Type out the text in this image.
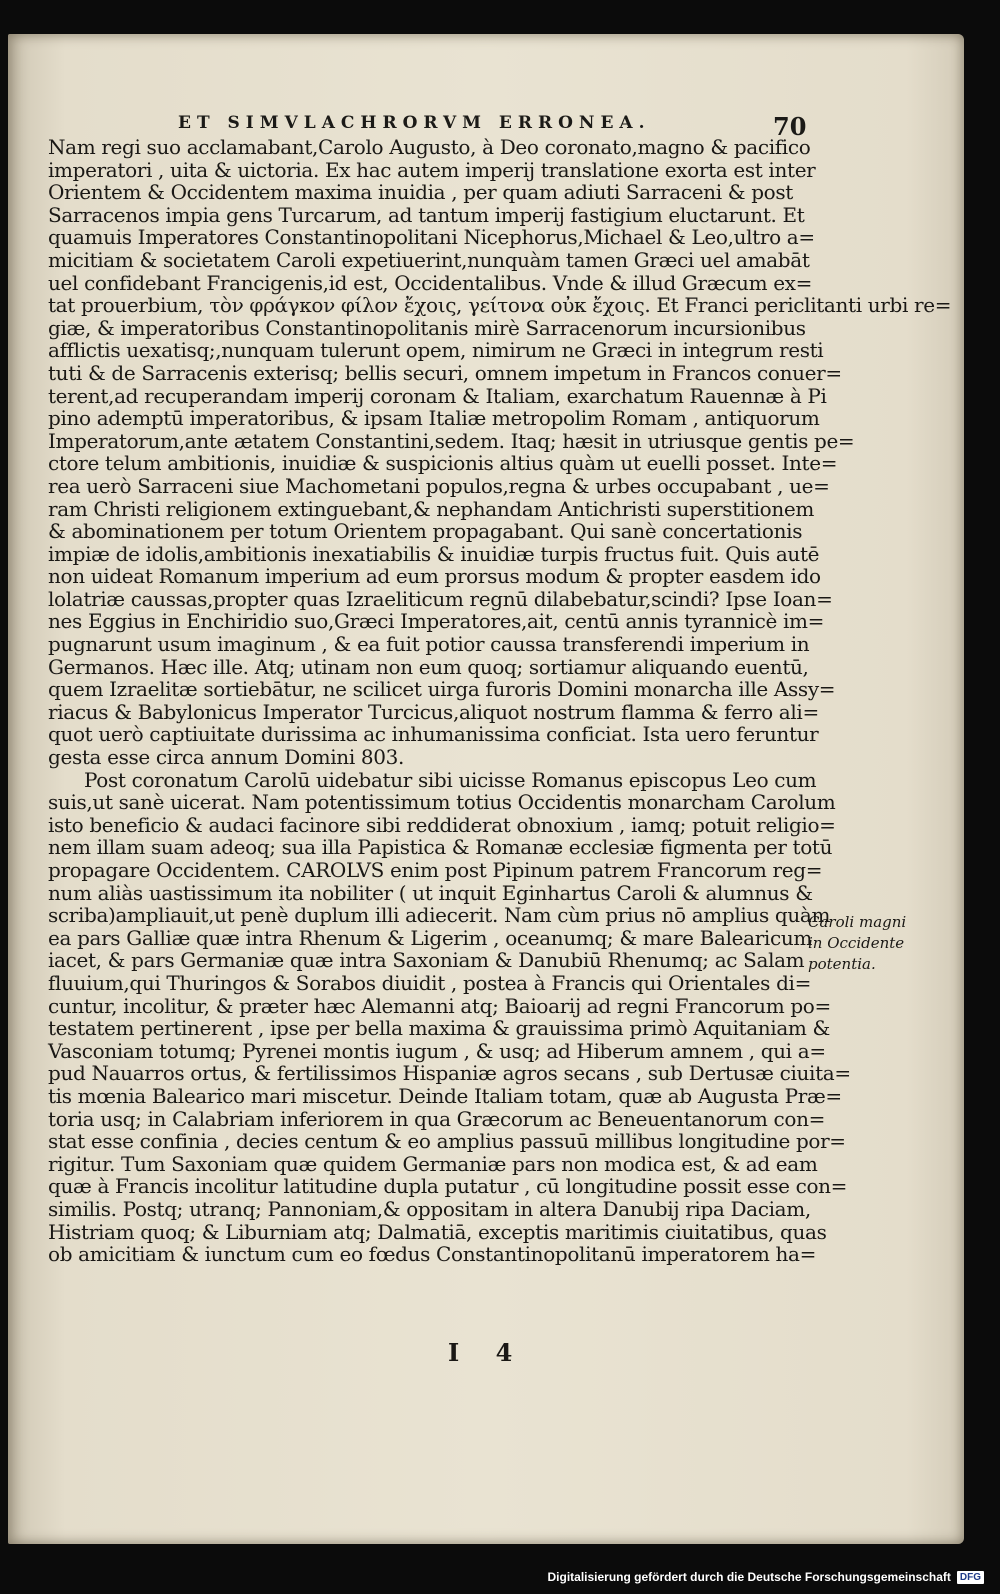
ET SIMVLACHRORVM ERRONEA.	70
Nam regi suo acclamabant,Carolo Augusto, à Deo coronato,magno & pacifico
imperatori , uita & uictoria. Ex hac autem imperij translatione exorta est inter
Orientem & Occidentem maxima inuidia , per quam adiuti Sarraceni & post
Sarracenos impia gens Turcarum, ad tantum imperij fastigium eluctarunt. Et
quamuis Imperatores Constantinopolitani Nicephorus,Michael & Leo,ultro a=
micitiam & societatem Caroli expetiuerint,nunquàm tamen Græci uel amabāt
uel confidebant Francigenis,id est, Occidentalibus. Vnde & illud Græcum ex=
tat prouerbium, τὸν φράγκον φίλον ἔχοις, γείτονα οὐκ ἔχοις. Et Franci periclitanti urbi re=
giæ, & imperatoribus Constantinopolitanis mirè Sarracenorum incursionibus
afflictis uexatisq;,nunquam tulerunt opem, nimirum ne Græci in integrum resti
tuti & de Sarracenis exterisq; bellis securi, omnem impetum in Francos conuer=
terent,ad recuperandam imperij coronam & Italiam, exarchatum Rauennæ à Pi
pino ademptū imperatoribus, & ipsam Italiæ metropolim Romam , antiquorum
Imperatorum,ante ætatem Constantini,sedem. Itaq; hæsit in utriusque gentis pe=
ctore telum ambitionis, inuidiæ & suspicionis altius quàm ut euelli posset. Inte=
rea uerò Sarraceni siue Machometani populos,regna & urbes occupabant , ue=
ram Christi religionem extinguebant,& nephandam Antichristi superstitionem
& abominationem per totum Orientem propagabant. Qui sanè concertationis
impiæ de idolis,ambitionis inexatiabilis & inuidiæ turpis fructus fuit. Quis autē
non uideat Romanum imperium ad eum prorsus modum & propter easdem ido
lolatriæ caussas,propter quas Izraeliticum regnū dilabebatur,scindi? Ipse Ioan=
nes Eggius in Enchiridio suo,Græci Imperatores,ait, centū annis tyrannicè im=
pugnarunt usum imaginum , & ea fuit potior caussa transferendi imperium in
Germanos. Hæc ille. Atq; utinam non eum quoq; sortiamur aliquando euentū,
quem Izraelitæ sortiebātur, ne scilicet uirga furoris Domini monarcha ille Assy=
riacus & Babylonicus Imperator Turcicus,aliquot nostrum flamma & ferro ali=
quot uerò captiuitate durissima ac inhumanissima conficiat. Ista uero feruntur
gesta esse circa annum Domini 803.
Post coronatum Carolū uidebatur sibi uicisse Romanus episcopus Leo cum
suis,ut sanè uicerat. Nam potentissimum totius Occidentis monarcham Carolum
isto beneficio & audaci facinore sibi reddiderat obnoxium , iamq; potuit religio=
nem illam suam adeoq; sua illa Papistica & Romanæ ecclesiæ figmenta per totū
propagare Occidentem. CAROLVS enim post Pipinum patrem Francorum reg=
num aliàs uastissimum ita nobiliter ( ut inquit Eginhartus Caroli & alumnus &
scriba)ampliauit,ut penè duplum illi adiecerit. Nam cùm prius nō amplius quàm
ea pars Galliæ quæ intra Rhenum & Ligerim , oceanumq; & mare Balearicum
iacet, & pars Germaniæ quæ intra Saxoniam & Danubiū Rhenumq; ac Salam
fluuium,qui Thuringos & Sorabos diuidit , postea à Francis qui Orientales di=
cuntur, incolitur, & præter hæc Alemanni atq; Baioarij ad regni Francorum po=
testatem pertinerent , ipse per bella maxima & grauissima primò Aquitaniam &
Vasconiam totumq; Pyrenei montis iugum , & usq; ad Hiberum amnem , qui a=
pud Nauarros ortus, & fertilissimos Hispaniæ agros secans , sub Dertusæ ciuita=
tis mœnia Balearico mari miscetur. Deinde Italiam totam, quæ ab Augusta Præ=
toria usq; in Calabriam inferiorem in qua Græcorum ac Beneuentanorum con=
stat esse confinia , decies centum & eo amplius passuū millibus longitudine por=
rigitur. Tum Saxoniam quæ quidem Germaniæ pars non modica est, & ad eam
quæ à Francis incolitur latitudine dupla putatur , cū longitudine possit esse con=
similis. Postq; utranq; Pannoniam,& oppositam in altera Danubij ripa Daciam,
Histriam quoq; & Liburniam atq; Dalmatiā, exceptis maritimis ciuitatibus, quas
ob amicitiam & iunctum cum eo fœdus Constantinopolitanū imperatorem ha=
Caroli magni
in Occidente
potentia.
I 4
Digitalisierung gefördert durch die Deutsche Forschungsgemeinschaft DFG
